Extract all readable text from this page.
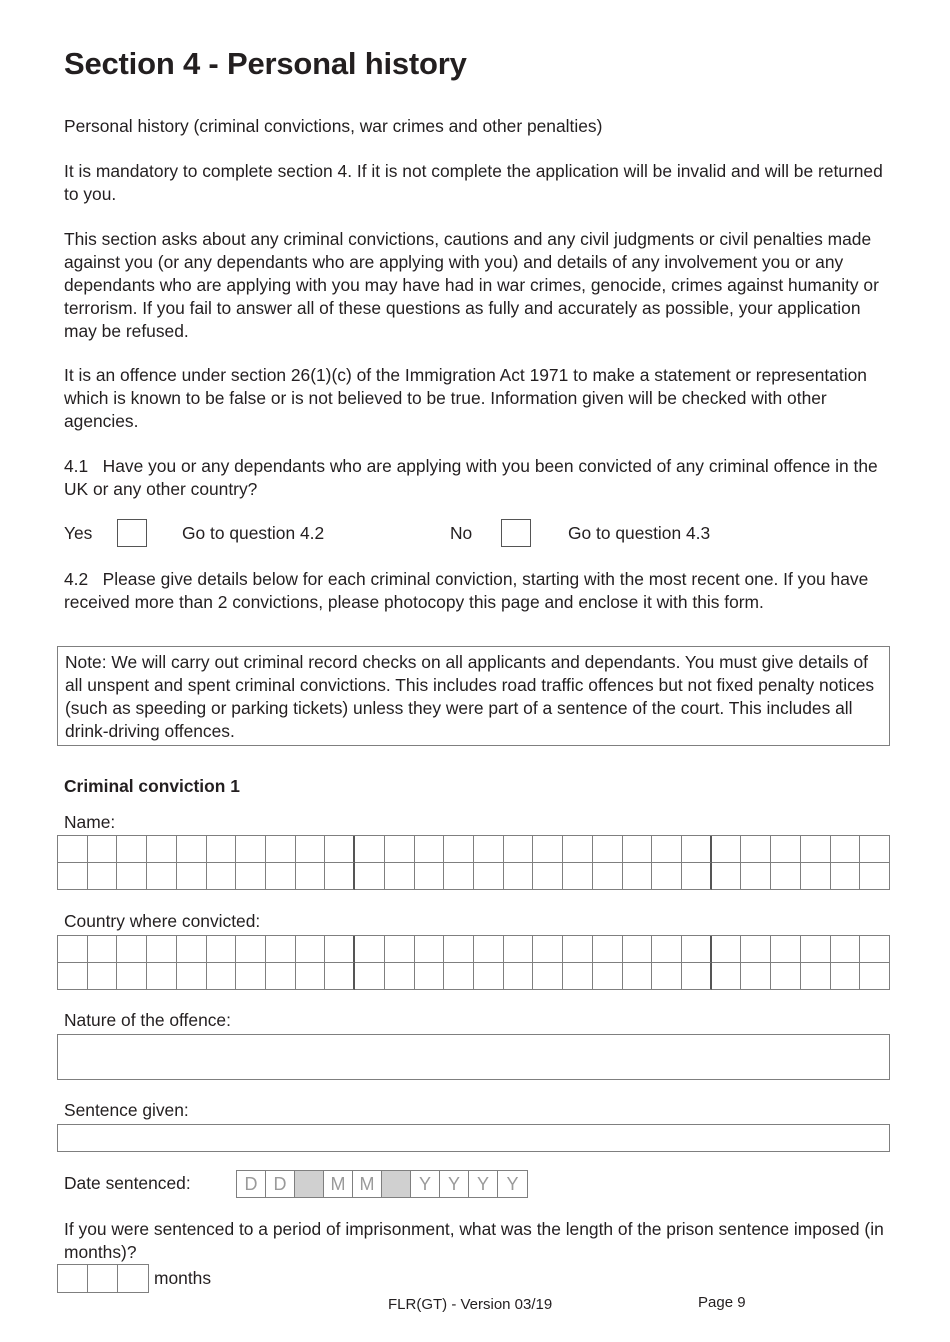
Section 4 - Personal history

Personal history (criminal convictions, war crimes and other penalties)

It is mandatory to complete section 4. If it is not complete the application will be invalid and will be returned to you.

This section asks about any criminal convictions, cautions and any civil judgments or civil penalties made against you (or any dependants who are applying with you) and details of any involvement you or any dependants who are applying with you may have had in war crimes, genocide, crimes against humanity or terrorism. If you fail to answer all of these questions as fully and accurately as possible, your application may be refused.

It is an offence under section 26(1)(c) of the Immigration Act 1971 to make a statement or representation which is known to be false or is not believed to be true. Information given will be checked with other agencies.

4.1   Have you or any dependants who are applying with you been convicted of any criminal offence in the UK or any other country?

Yes	Go to question 4.2	No	Go to question 4.3

4.2   Please give details below for each criminal conviction, starting with the most recent one. If you have received more than 2 convictions, please photocopy this page and enclose it with this form.

Note: We will carry out criminal record checks on all applicants and dependants. You must give details of all unspent and spent criminal convictions. This includes road traffic offences but not fixed penalty notices (such as speeding or parking tickets) unless they were part of a sentence of the court. This includes all drink-driving offences.
Criminal conviction 1
Name:
Country where convicted:
Nature of the offence:
Sentence given:
Date sentenced:	D D	M M	Y Y Y Y

If you were sentenced to a period of imprisonment, what was the length of the prison sentence imposed (in months)?

months
FLR(GT) - Version 03/19	Page 9
